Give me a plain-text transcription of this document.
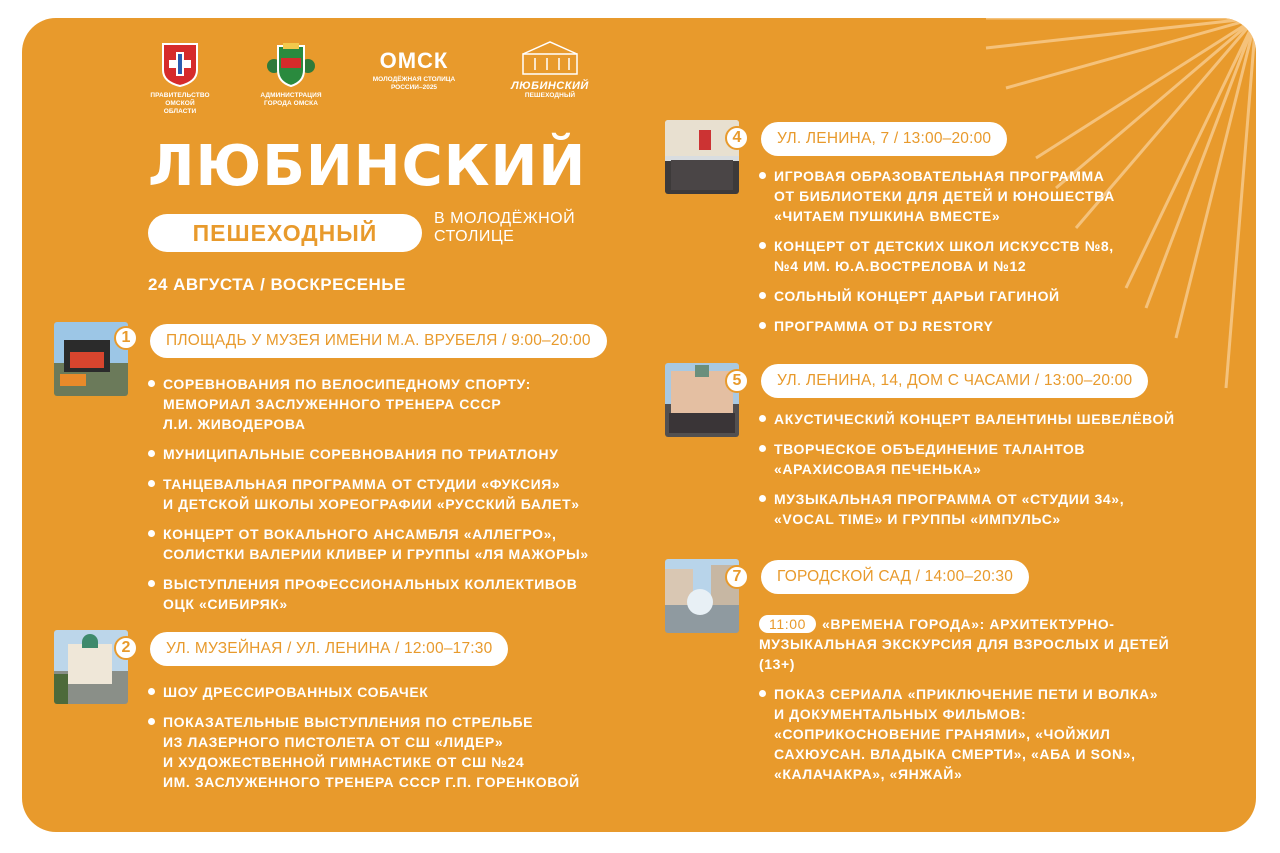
ПРАВИТЕЛЬСТВО ОМСКОЙ ОБЛАСТИ
АДМИНИСТРАЦИЯ ГОРОДА ОМСКА
ОМСК
МОЛОДЁЖНАЯ СТОЛИЦА РОССИИ–2025	ЛЮБИНСКИЙ
ПЕШЕХОДНЫЙ
ЛЮБИНСКИЙ
ПЕШЕХОДНЫЙ
В МОЛОДЁЖНОЙ
СТОЛИЦЕ
24 АВГУСТА / ВОСКРЕСЕНЬЕ
1	ПЛОЩАДЬ У МУЗЕЯ ИМЕНИ М.А. ВРУБЕЛЯ / 9:00–20:00
СОРЕВНОВАНИЯ ПО ВЕЛОСИПЕДНОМУ СПОРТУ:
МЕМОРИАЛ ЗАСЛУЖЕННОГО ТРЕНЕРА СССР
Л.И. ЖИВОДЕРОВА
МУНИЦИПАЛЬНЫЕ СОРЕВНОВАНИЯ ПО ТРИАТЛОНУ
ТАНЦЕВАЛЬНАЯ ПРОГРАММА ОТ СТУДИИ «ФУКСИЯ»
И ДЕТСКОЙ ШКОЛЫ ХОРЕОГРАФИИ «РУССКИЙ БАЛЕТ»
КОНЦЕРТ ОТ ВОКАЛЬНОГО АНСАМБЛЯ «АЛЛЕГРО»,
СОЛИСТКИ ВАЛЕРИИ КЛИВЕР И ГРУППЫ «ЛЯ МАЖОРЫ»
ВЫСТУПЛЕНИЯ ПРОФЕССИОНАЛЬНЫХ КОЛЛЕКТИВОВ
ОЦК «СИБИРЯК»
2	УЛ. МУЗЕЙНАЯ / УЛ. ЛЕНИНА / 12:00–17:30
ШОУ ДРЕССИРОВАННЫХ СОБАЧЕК
ПОКАЗАТЕЛЬНЫЕ ВЫСТУПЛЕНИЯ ПО СТРЕЛЬБЕ
ИЗ ЛАЗЕРНОГО ПИСТОЛЕТА ОТ СШ «ЛИДЕР»
И ХУДОЖЕСТВЕННОЙ ГИМНАСТИКЕ ОТ СШ №24
ИМ. ЗАСЛУЖЕННОГО ТРЕНЕРА СССР Г.П. ГОРЕНКОВОЙ
4	УЛ. ЛЕНИНА, 7 / 13:00–20:00
ИГРОВАЯ ОБРАЗОВАТЕЛЬНАЯ ПРОГРАММА
ОТ БИБЛИОТЕКИ ДЛЯ ДЕТЕЙ И ЮНОШЕСТВА
«ЧИТАЕМ ПУШКИНА ВМЕСТЕ»
КОНЦЕРТ ОТ ДЕТСКИХ ШКОЛ ИСКУССТВ №8,
№4 ИМ. Ю.А.ВОСТРЕЛОВА И №12
СОЛЬНЫЙ КОНЦЕРТ ДАРЬИ ГАГИНОЙ
ПРОГРАММА ОТ DJ RESTORY
5	УЛ. ЛЕНИНА, 14, ДОМ С ЧАСАМИ / 13:00–20:00
АКУСТИЧЕСКИЙ КОНЦЕРТ ВАЛЕНТИНЫ ШЕВЕЛЁВОЙ
ТВОРЧЕСКОЕ ОБЪЕДИНЕНИЕ ТАЛАНТОВ
«АРАХИСОВАЯ ПЕЧЕНЬКА»
МУЗЫКАЛЬНАЯ ПРОГРАММА ОТ «СТУДИИ 34»,
«VOCAL TIME» И ГРУППЫ «ИМПУЛЬС»
7	ГОРОДСКОЙ САД / 14:00–20:30
11:00 «ВРЕМЕНА ГОРОДА»: АРХИТЕКТУРНО-
МУЗЫКАЛЬНАЯ ЭКСКУРСИЯ ДЛЯ ВЗРОСЛЫХ И ДЕТЕЙ
(13+)
ПОКАЗ СЕРИАЛА «ПРИКЛЮЧЕНИЕ ПЕТИ И ВОЛКА»
И ДОКУМЕНТАЛЬНЫХ ФИЛЬМОВ:
«СОПРИКОСНОВЕНИЕ ГРАНЯМИ», «ЧОЙЖИЛ
САХЮУСАН. ВЛАДЫКА СМЕРТИ», «АБА И SON»,
«КАЛАЧАКРА», «ЯНЖАЙ»
